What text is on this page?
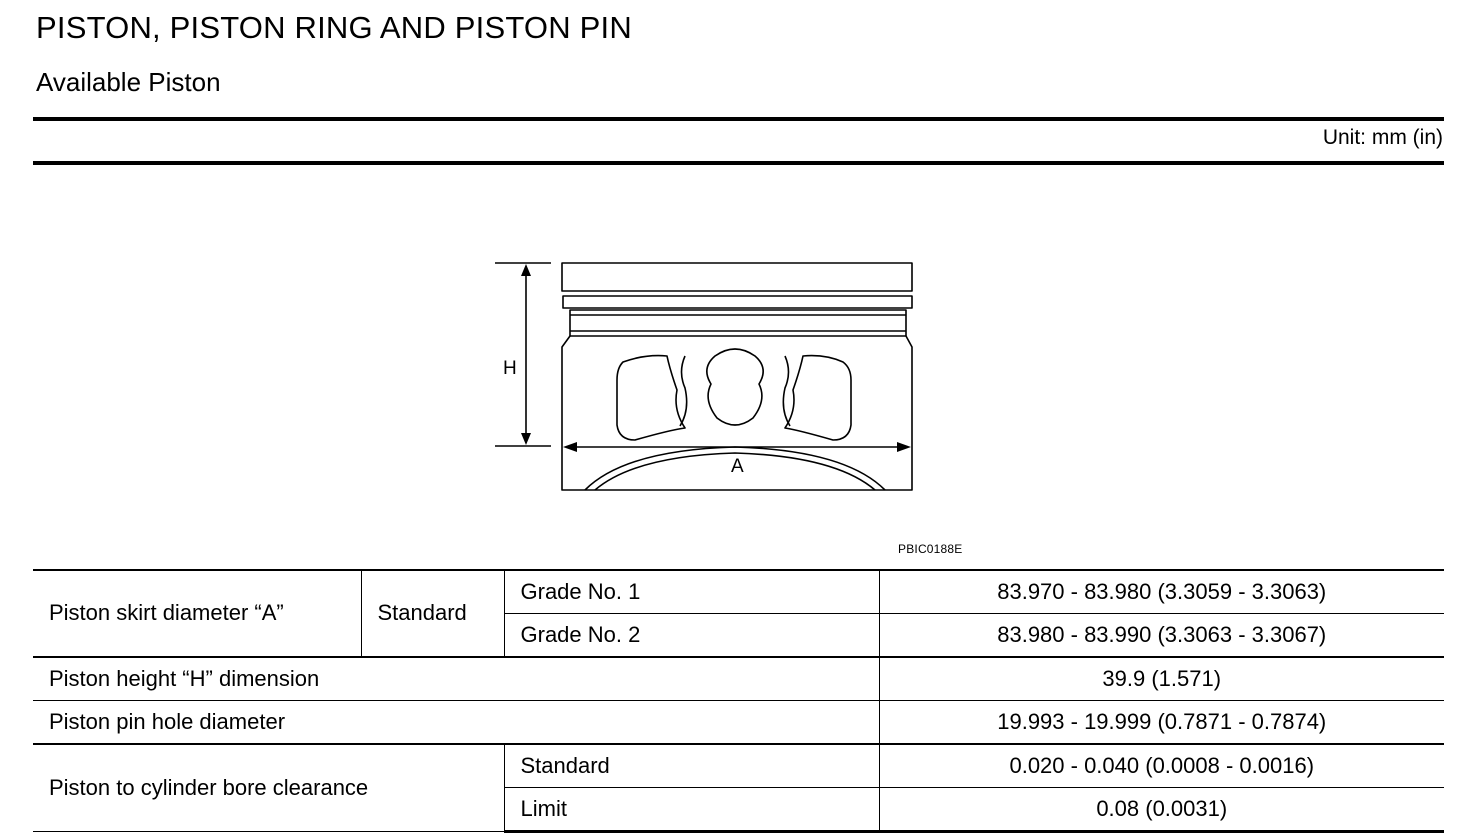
PISTON, PISTON RING AND PISTON PIN
Available Piston
Unit: mm (in)
H
A
PBIC0188E
Piston skirt diameter “A”	Standard	Grade No. 1	83.970 - 83.980 (3.3059 - 3.3063)
		Grade No. 2	83.980 - 83.990 (3.3063 - 3.3067)
Piston height “H” dimension			39.9 (1.571)
Piston pin hole diameter			19.993 - 19.999 (0.7871 - 0.7874)
Piston to cylinder bore clearance		Standard	0.020 - 0.040 (0.0008 - 0.0016)
		Limit	0.08 (0.0031)
